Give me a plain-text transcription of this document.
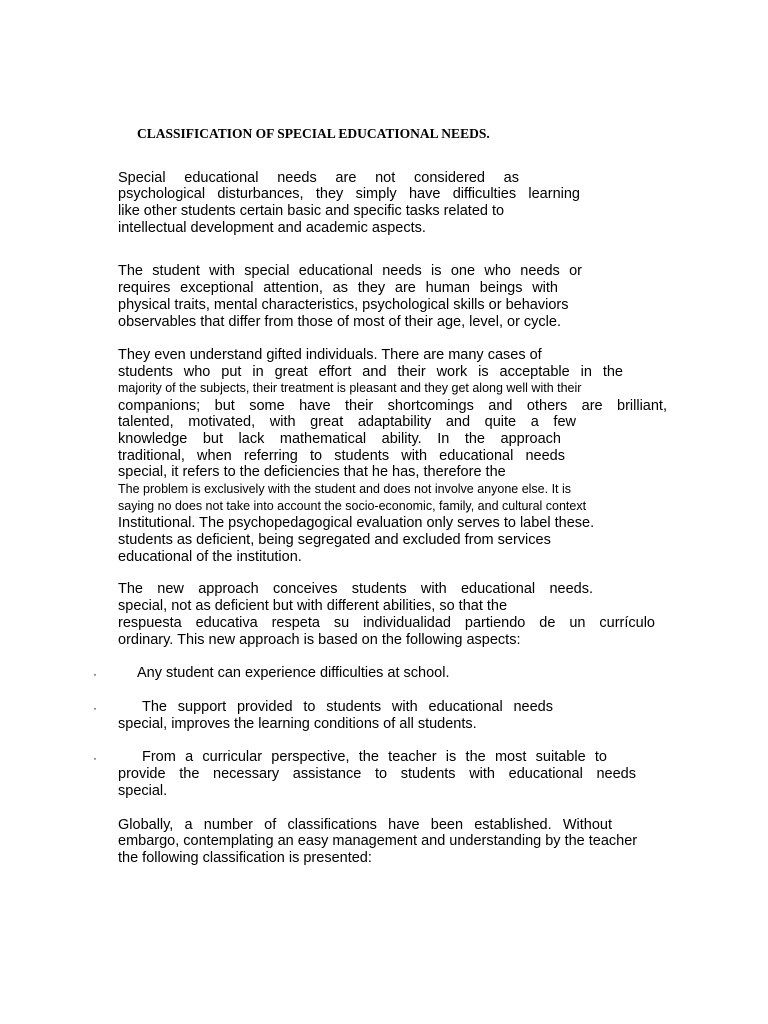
CLASSIFICATION OF SPECIAL EDUCATIONAL NEEDS.
Special educational needs are not considered as
psychological disturbances, they simply have difficulties learning
like other students certain basic and specific tasks related to
intellectual development and academic aspects.
The student with special educational needs is one who needs or
requires exceptional attention, as they are human beings with
physical traits, mental characteristics, psychological skills or behaviors
observables that differ from those of most of their age, level, or cycle.
They even understand gifted individuals. There are many cases of
students who put in great effort and their work is acceptable in the
majority of the subjects, their treatment is pleasant and they get along well with their
companions; but some have their shortcomings and others are brilliant,
talented, motivated, with great adaptability and quite a few
knowledge but lack mathematical ability. In the approach
traditional, when referring to students with educational needs
special, it refers to the deficiencies that he has, therefore the
The problem is exclusively with the student and does not involve anyone else. It is
saying no does not take into account the socio-economic, family, and cultural context
Institutional. The psychopedagogical evaluation only serves to label these.
students as deficient, being segregated and excluded from services
educational of the institution.
The new approach conceives students with educational needs.
special, not as deficient but with different abilities, so that the
respuesta educativa respeta su individualidad partiendo de un currículo
ordinary. This new approach is based on the following aspects:
·	Any student can experience difficulties at school.
·	The support provided to students with educational needs
special, improves the learning conditions of all students.
·	From a curricular perspective, the teacher is the most suitable to
provide the necessary assistance to students with educational needs
special.
Globally, a number of classifications have been established. Without
embargo, contemplating an easy management and understanding by the teacher
the following classification is presented:
